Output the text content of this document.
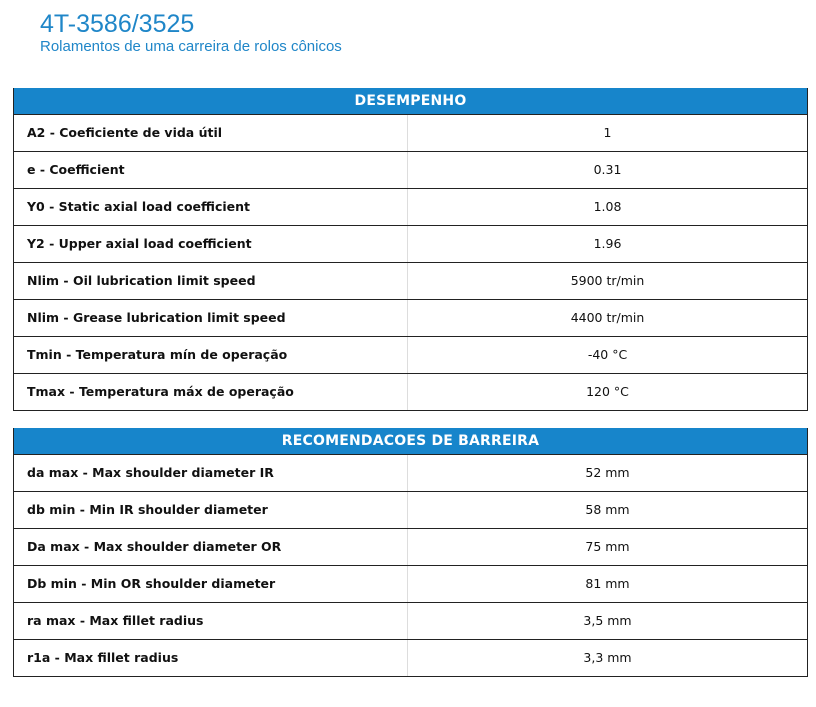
4T-3586/3525
Rolamentos de uma carreira de rolos cônicos
DESEMPENHO
A2 - Coeficiente de vida útil	1
e - Coefficient	0.31
Y0 - Static axial load coefficient	1.08
Y2 - Upper axial load coefficient	1.96
Nlim - Oil lubrication limit speed	5900 tr/min
Nlim - Grease lubrication limit speed	4400 tr/min
Tmin - Temperatura mín de operação	-40 °C
Tmax - Temperatura máx de operação	120 °C
RECOMENDACOES DE BARREIRA
da max - Max shoulder diameter IR	52 mm
db min - Min IR shoulder diameter	58 mm
Da max - Max shoulder diameter OR	75 mm
Db min - Min OR shoulder diameter	81 mm
ra max - Max fillet radius	3,5 mm
r1a - Max fillet radius	3,3 mm
